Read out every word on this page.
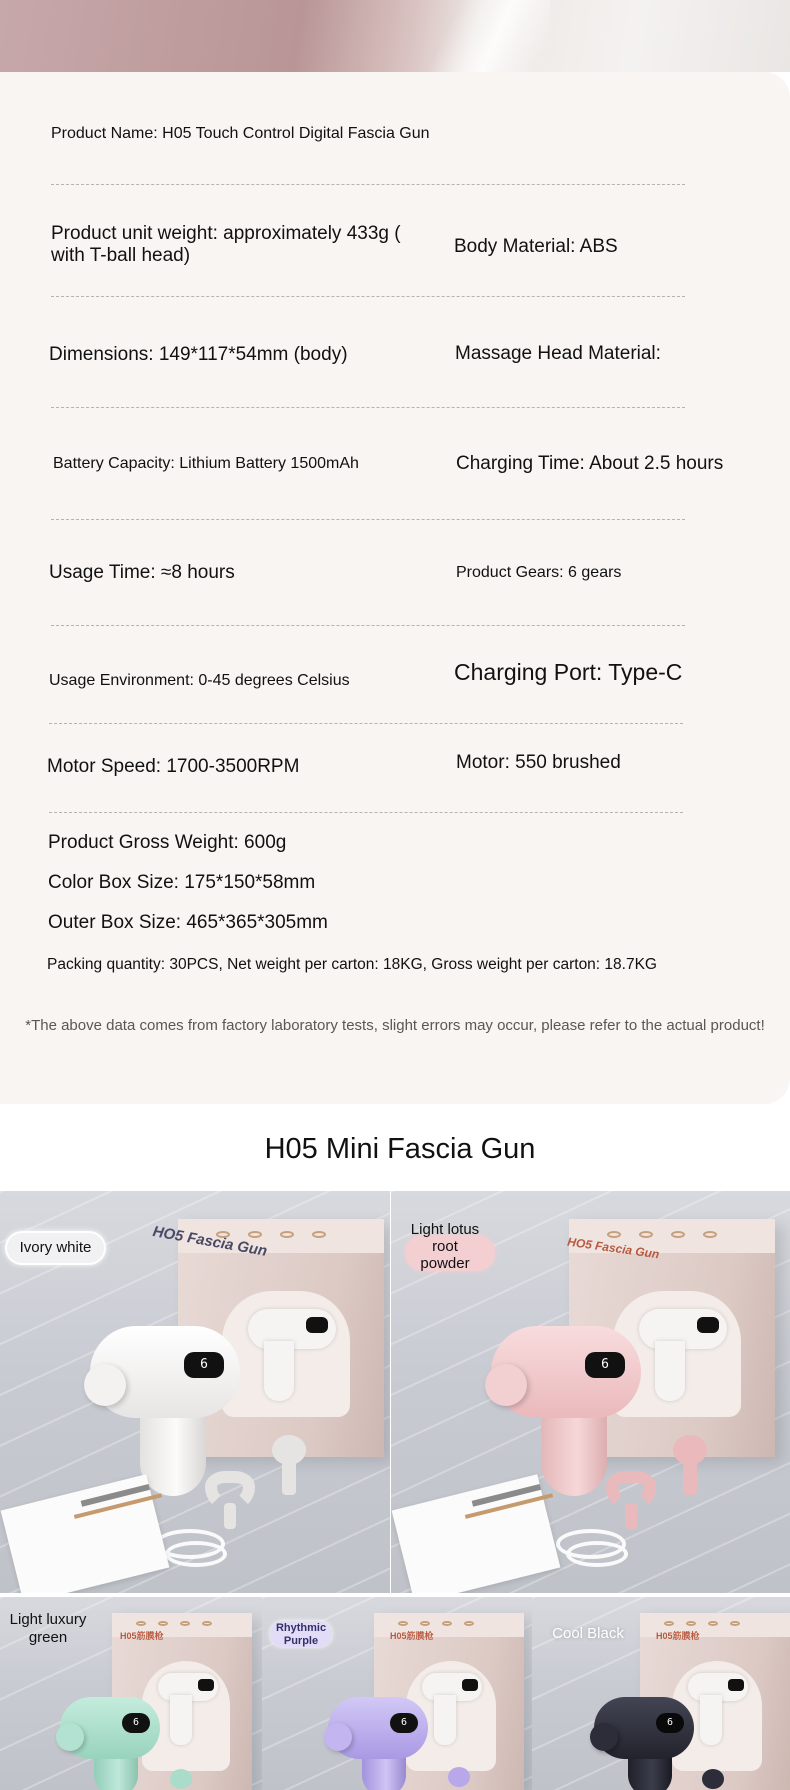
Product Name: H05 Touch Control Digital Fascia Gun
Product unit weight: approximately 433g (
with T-ball head)	Body Material: ABS
Dimensions: 149*117*54mm (body)	Massage Head Material:
Battery Capacity: Lithium Battery 1500mAh	Charging Time: About 2.5 hours
Usage Time: ≈8 hours	Product Gears: 6 gears
Usage Environment: 0-45 degrees Celsius	Charging Port: Type-C
Motor Speed: 1700-3500RPM	Motor: 550 brushed
Product Gross Weight: 600g
Color Box Size: 175*150*58mm
Outer Box Size: 465*365*305mm
Packing quantity: 30PCS, Net weight per carton: 18KG, Gross weight per carton: 18.7KG
*The above data comes from factory laboratory tests, slight errors may occur, please refer to the actual product!
H05 Mini Fascia Gun
HO5 Fascia Gun
6
Ivory white	HO5 Fascia Gun
6
Light lotus
root
powder
H05筋膜枪
6
Light luxury
green	H05筋膜枪
6
Rhythmic
Purple	H05筋膜枪
6
Cool Black
